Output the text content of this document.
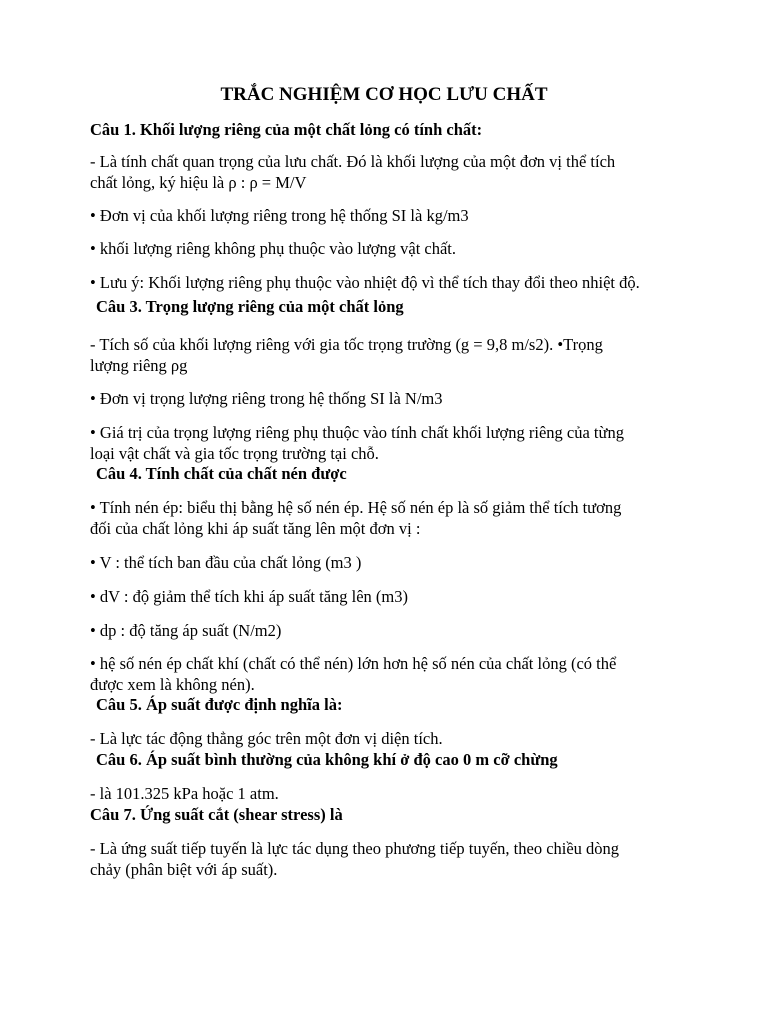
TRẮC NGHIỆM CƠ HỌC LƯU CHẤT

Câu 1. Khối lượng riêng của một chất lỏng có tính chất:

- Là tính chất quan trọng của lưu chất. Đó là khối lượng của một đơn vị thể tích

chất lỏng, ký hiệu là ρ : ρ = M/V

• Đơn vị của khối lượng riêng trong hệ thống SI là kg/m3

• khối lượng riêng không phụ thuộc vào lượng vật chất.

• Lưu ý: Khối lượng riêng phụ thuộc vào nhiệt độ vì thể tích thay đổi theo nhiệt độ.

Câu 3. Trọng lượng riêng của một chất lỏng

- Tích số của khối lượng riêng với gia tốc trọng trường (g = 9,8 m/s2). •Trọng

lượng riêng ρg

• Đơn vị trọng lượng riêng trong hệ thống SI là N/m3

• Giá trị của trọng lượng riêng phụ thuộc vào tính chất khối lượng riêng của từng

loại vật chất và gia tốc trọng trường tại chỗ.

Câu 4. Tính chất của chất nén được

• Tính nén ép: biểu thị bằng hệ số nén ép. Hệ số nén ép là số giảm thể tích tương

đối của chất lỏng khi áp suất tăng lên một đơn vị :

• V : thể tích ban đầu của chất lỏng (m3 )

• dV : độ giảm thể tích khi áp suất tăng lên (m3)

• dp : độ tăng áp suất (N/m2)

• hệ số nén ép chất khí (chất có thể nén) lớn hơn hệ số nén của chất lỏng (có thể

được xem là không nén).

Câu 5. Áp suất được định nghĩa là:

- Là lực tác động thẳng góc trên một đơn vị diện tích.

Câu 6. Áp suất bình thường của không khí ở độ cao 0 m cỡ chừng

- là 101.325 kPa hoặc 1 atm.

Câu 7. Ứng suất cắt (shear stress) là

- Là ứng suất tiếp tuyến là lực tác dụng theo phương tiếp tuyến, theo chiều dòng

chảy (phân biệt với áp suất).
